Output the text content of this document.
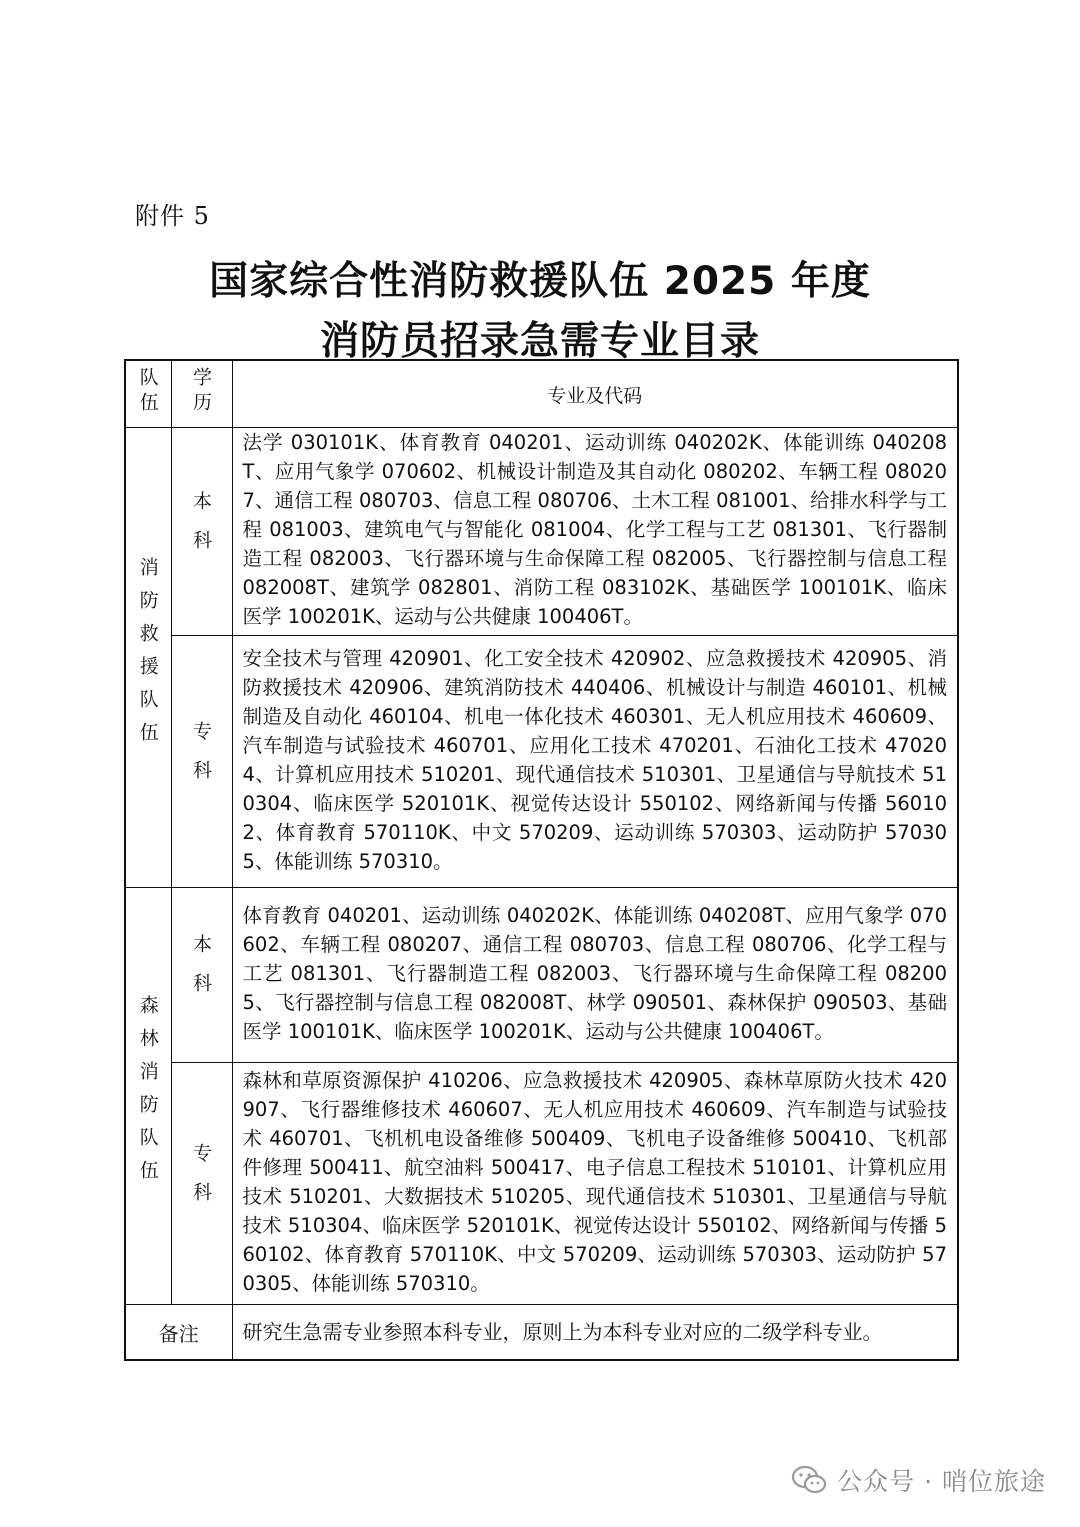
附件 5
国家综合性消防救援队伍 2025 年度
消防员招录急需专业目录
队伍	学历	专业及代码
消防救援队伍	本科	法学 030101K、体育教育 040201、运动训练 040202K、体能训练 040208T、应用气象学 070602、机械设计制造及其自动化 080202、车辆工程 080207、通信工程 080703、信息工程 080706、土木工程 081001、给排水科学与工程 081003、建筑电气与智能化 081004、化学工程与工艺 081301、飞行器制造工程 082003、飞行器环境与生命保障工程 082005、飞行器控制与信息工程 082008T、建筑学 082801、消防工程 083102K、基础医学 100101K、临床医学 100201K、运动与公共健康 100406T。
	专科	安全技术与管理 420901、化工安全技术 420902、应急救援技术 420905、消防救援技术 420906、建筑消防技术 440406、机械设计与制造 460101、机械制造及自动化 460104、机电一体化技术 460301、无人机应用技术 460609、汽车制造与试验技术 460701、应用化工技术 470201、石油化工技术 470204、计算机应用技术 510201、现代通信技术 510301、卫星通信与导航技术 510304、临床医学 520101K、视觉传达设计 550102、网络新闻与传播 560102、体育教育 570110K、中文 570209、运动训练 570303、运动防护 570305、体能训练 570310。
森林消防队伍	本科	体育教育 040201、运动训练 040202K、体能训练 040208T、应用气象学 070602、车辆工程 080207、通信工程 080703、信息工程 080706、化学工程与工艺 081301、飞行器制造工程 082003、飞行器环境与生命保障工程 082005、飞行器控制与信息工程 082008T、林学 090501、森林保护 090503、基础医学 100101K、临床医学 100201K、运动与公共健康 100406T。
	专科	森林和草原资源保护 410206、应急救援技术 420905、森林草原防火技术 420907、飞行器维修技术 460607、无人机应用技术 460609、汽车制造与试验技术 460701、飞机机电设备维修 500409、飞机电子设备维修 500410、飞机部件修理 500411、航空油料 500417、电子信息工程技术 510101、计算机应用技术 510201、大数据技术 510205、现代通信技术 510301、卫星通信与导航技术 510304、临床医学 520101K、视觉传达设计 550102、网络新闻与传播 560102、体育教育 570110K、中文 570209、运动训练 570303、运动防护 570305、体能训练 570310。
备注		研究生急需专业参照本科专业，原则上为本科专业对应的二级学科专业。
公众号 · 哨位旅途
